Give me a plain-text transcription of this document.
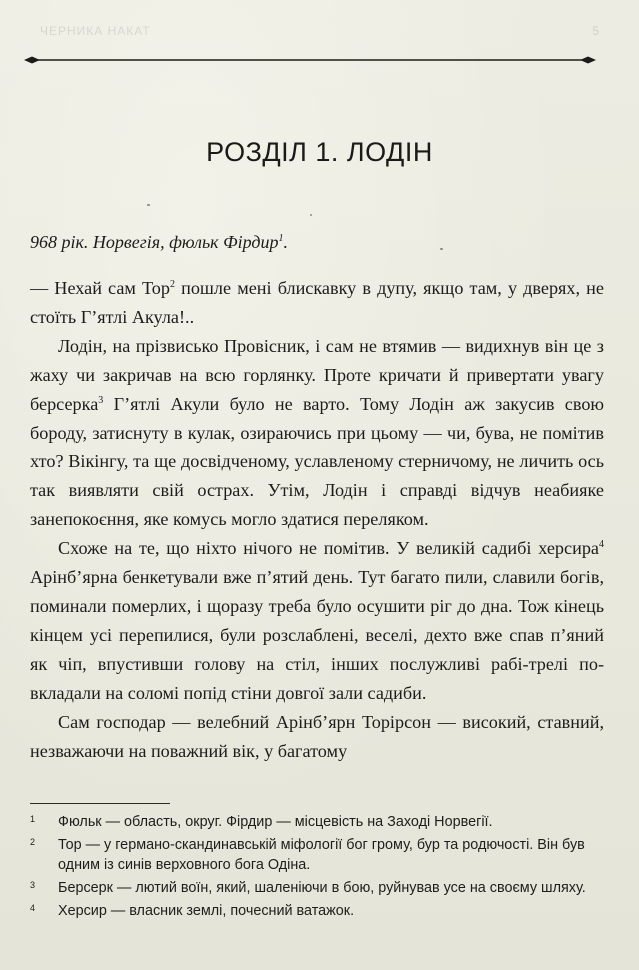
ЧЕРНИКА НАКАТ	5
РОЗДІЛ 1. ЛОДІН
968 рік. Норвегія, фюльк Фірдир$^1$.

— Нехай сам Тор$^2$ пошле мені блискавку в дупу, якщо там, у дверях, не стоїть Гʼятлі Акула!..

Лодін, на прізвисько Провісник, і сам не втямив — видихнув він це з жаху чи закричав на всю горлянку. Проте кричати й привертати увагу берсерка$^3$ Гʼятлі Акули було не варто. Тому Лодін аж закусив свою бороду, затиснуту в кулак, озираючись при цьому — чи, бува, не помітив хто? Вікінгу, та ще досвідченому, уславленому стерничому, не личить ось так виявляти свій острах. Утім, Лодін і справді відчув неабияке занепокоєння, яке комусь могло здатися переляком.

Схоже на те, що ніхто нічого не помітив. У великій садибі херсира$^4$ Арінбʼярна бенкетували вже пʼятий день. Тут багато пили, славили богів, поминали померлих, і щоразу треба було осушити ріг до дна. Тож кінець кінцем усі перепилися, були розслаблені, веселі, дехто вже спав пʼяний як чіп, впустивши голову на стіл, інших послужливі рабі-трелі повкладали на соломі попід стіни довгої зали садиби.

Сам господар — велебний Арінбʼярн Торірсон — високий, ставний, незважаючи на поважний вік, у багатому

1 Фюльк — область, округ. Фірдир — місцевість на Заході Норвегії.
2 Тор — у германо-скандинавській міфології бог грому, бур та родючості. Він був одним із синів верховного бога Одіна.
3 Берсерк — лютий воїн, який, шаленіючи в бою, руйнував усе на своєму шляху.
4 Херсир — власник землі, почесний ватажок.
